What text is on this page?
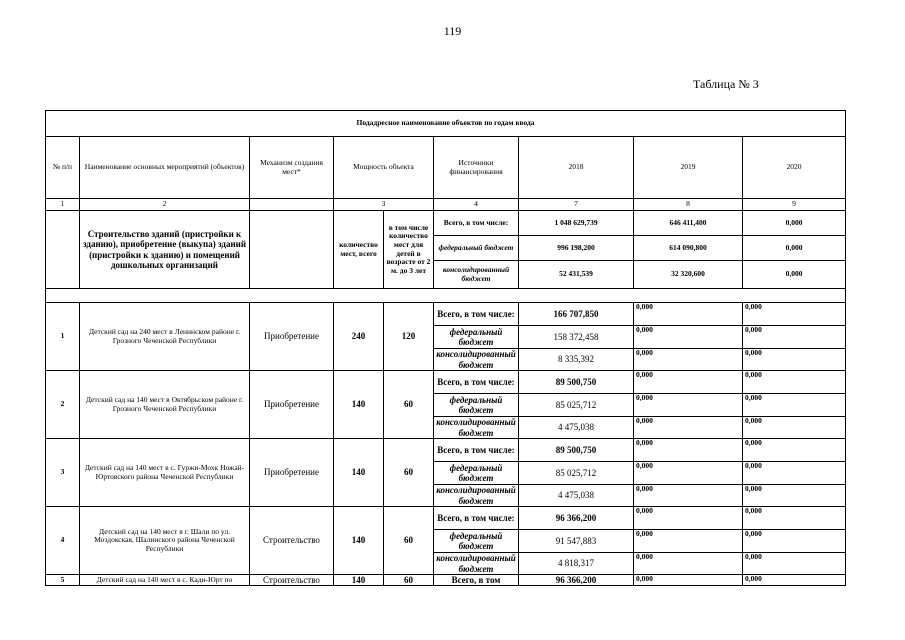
119
Таблица № 3
Подадресное наименование объектов по годам ввода								
№ п/п	Наименование основных мероприятий (объектов)	Механизм создания мест*	Мощность объекта		Источники финансирования	2018	2019	2020
1	2		3		4	7	8	9
	Строительство зданий (пристройки к зданию), приобретение (выкупа) зданий (пристройки к зданию) и помещений дошкольных организаций		количество мест, всего	в том числе количество мест для детей в возрасте от 2 м. до 3 лет	Всего, в том числе:	1 048 629,739	646 411,400	0,000
					федеральный бюджет	996 198,200	614 090,800	0,000
					консолидированный бюджет	52 431,539	32 320,600	0,000

1	Детский сад на 240 мест в Ленинском районе г. Грозного Чеченской Республики	Приобретение	240	120	Всего, в том числе:	166 707,850	0,000	0,000
					федеральный бюджет	158 372,458	0,000	0,000
					консолидированный бюджет	8 335,392	0,000	0,000
2	Детский сад на 140 мест в Октябрьском районе г. Грозного Чеченской Республики	Приобретение	140	60	Всего, в том числе:	89 500,750	0,000	0,000
					федеральный бюджет	85 025,712	0,000	0,000
					консолидированный бюджет	4 475,038	0,000	0,000
3	Детский сад на 140 мест в с. Гуржи-Мохк Ножай-Юртовского района Чеченской Республики	Приобретение	140	60	Всего, в том числе:	89 500,750	0,000	0,000
					федеральный бюджет	85 025,712	0,000	0,000
					консолидированный бюджет	4 475,038	0,000	0,000
4	Детский сад на 140 мест в г. Шали по ул. Моздокская, Шалинского района Чеченской Республики	Строительство	140	60	Всего, в том числе:	96 366,200	0,000	0,000
					федеральный бюджет	91 547,883	0,000	0,000
					консолидированный бюджет	4 818,317	0,000	0,000
5	Детский сад на 140 мест в с. Кади-Юрт по	Строительство	140	60	Всего, в том	96 366,200	0,000	0,000
